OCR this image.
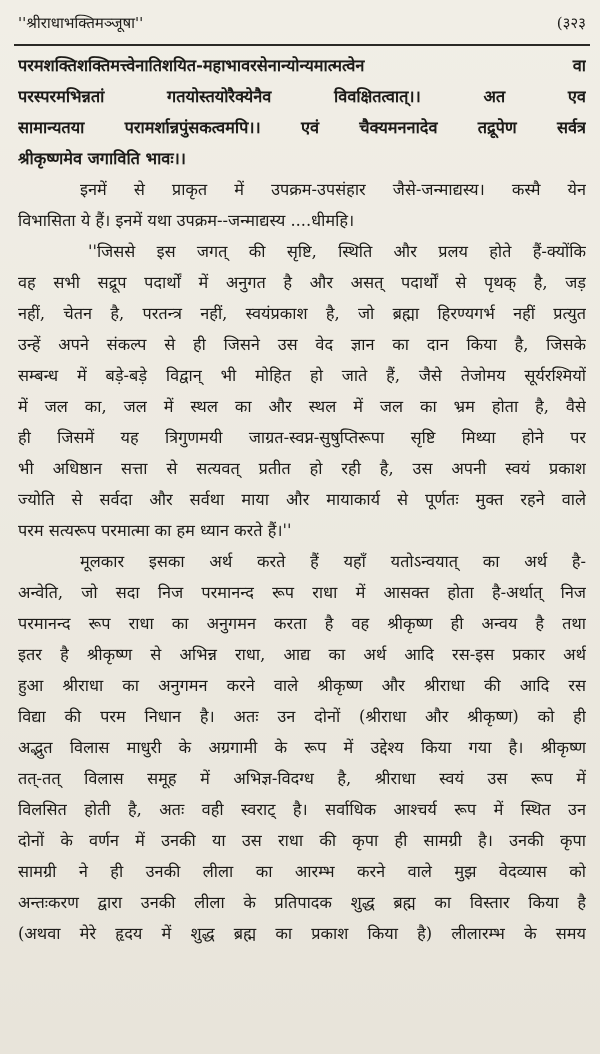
''श्रीराधाभक्तिमञ्जूषा''	(३२३
परमशक्तिशक्तिमत्त्वेनातिशयित-महाभावरसेनान्योन्यमात्मत्वेन वा
परस्परमभिन्नतां गतयोस्तयोरैक्येनैव विवक्षितत्वात्।। अत एव
सामान्यतया परामर्शान्नपुंसकत्वमपि।। एवं चैक्यमननादेव तद्रूपेण सर्वत्र
श्रीकृष्णमेव जगाविति भावः।।
इनमें से प्राकृत में उपक्रम-उपसंहार जैसे-जन्माद्यस्य। कस्मै येन
विभासिता ये हैं। इनमें यथा उपक्रम--जन्माद्यस्य ....धीमहि।
''जिससे इस जगत् की सृष्टि, स्थिति और प्रलय होते हैं-क्योंकि
वह सभी सद्रूप पदार्थों में अनुगत है और असत् पदार्थों से पृथक् है, जड़
नहीं, चेतन है, परतन्त्र नहीं, स्वयंप्रकाश है, जो ब्रह्मा हिरण्यगर्भ नहीं प्रत्युत
उन्हें अपने संकल्प से ही जिसने उस वेद ज्ञान का दान किया है, जिसके
सम्बन्ध में बड़े-बड़े विद्वान् भी मोहित हो जाते हैं, जैसे तेजोमय सूर्यरश्मियों
में जल का, जल में स्थल का और स्थल में जल का भ्रम होता है, वैसे
ही जिसमें यह त्रिगुणमयी जाग्रत-स्वप्न-सुषुप्तिरूपा सृष्टि मिथ्या होने पर
भी अधिष्ठान सत्ता से सत्यवत् प्रतीत हो रही है, उस अपनी स्वयं प्रकाश
ज्योति से सर्वदा और सर्वथा माया और मायाकार्य से पूर्णतः मुक्त रहने वाले
परम सत्यरूप परमात्मा का हम ध्यान करते हैं।''
मूलकार इसका अर्थ करते हैं यहाँ यतोऽन्वयात् का अर्थ है-
अन्वेति, जो सदा निज परमानन्द रूप राधा में आसक्त होता है-अर्थात् निज
परमानन्द रूप राधा का अनुगमन करता है वह श्रीकृष्ण ही अन्वय है तथा
इतर है श्रीकृष्ण से अभिन्न राधा, आद्य का अर्थ आदि रस-इस प्रकार अर्थ
हुआ श्रीराधा का अनुगमन करने वाले श्रीकृष्ण और श्रीराधा की आदि रस
विद्या की परम निधान है। अतः उन दोनों (श्रीराधा और श्रीकृष्ण) को ही
अद्भुत विलास माधुरी के अग्रगामी के रूप में उद्देश्य किया गया है। श्रीकृष्ण
तत्-तत् विलास समूह में अभिज्ञ-विदग्ध है, श्रीराधा स्वयं उस रूप में
विलसित होती है, अतः वही स्वराट् है। सर्वाधिक आश्चर्य रूप में स्थित उन
दोनों के वर्णन में उनकी या उस राधा की कृपा ही सामग्री है। उनकी कृपा
सामग्री ने ही उनकी लीला का आरम्भ करने वाले मुझ वेदव्यास को
अन्तःकरण द्वारा उनकी लीला के प्रतिपादक शुद्ध ब्रह्म का विस्तार किया है
(अथवा मेरे हृदय में शुद्ध ब्रह्म का प्रकाश किया है) लीलारम्भ के समय
